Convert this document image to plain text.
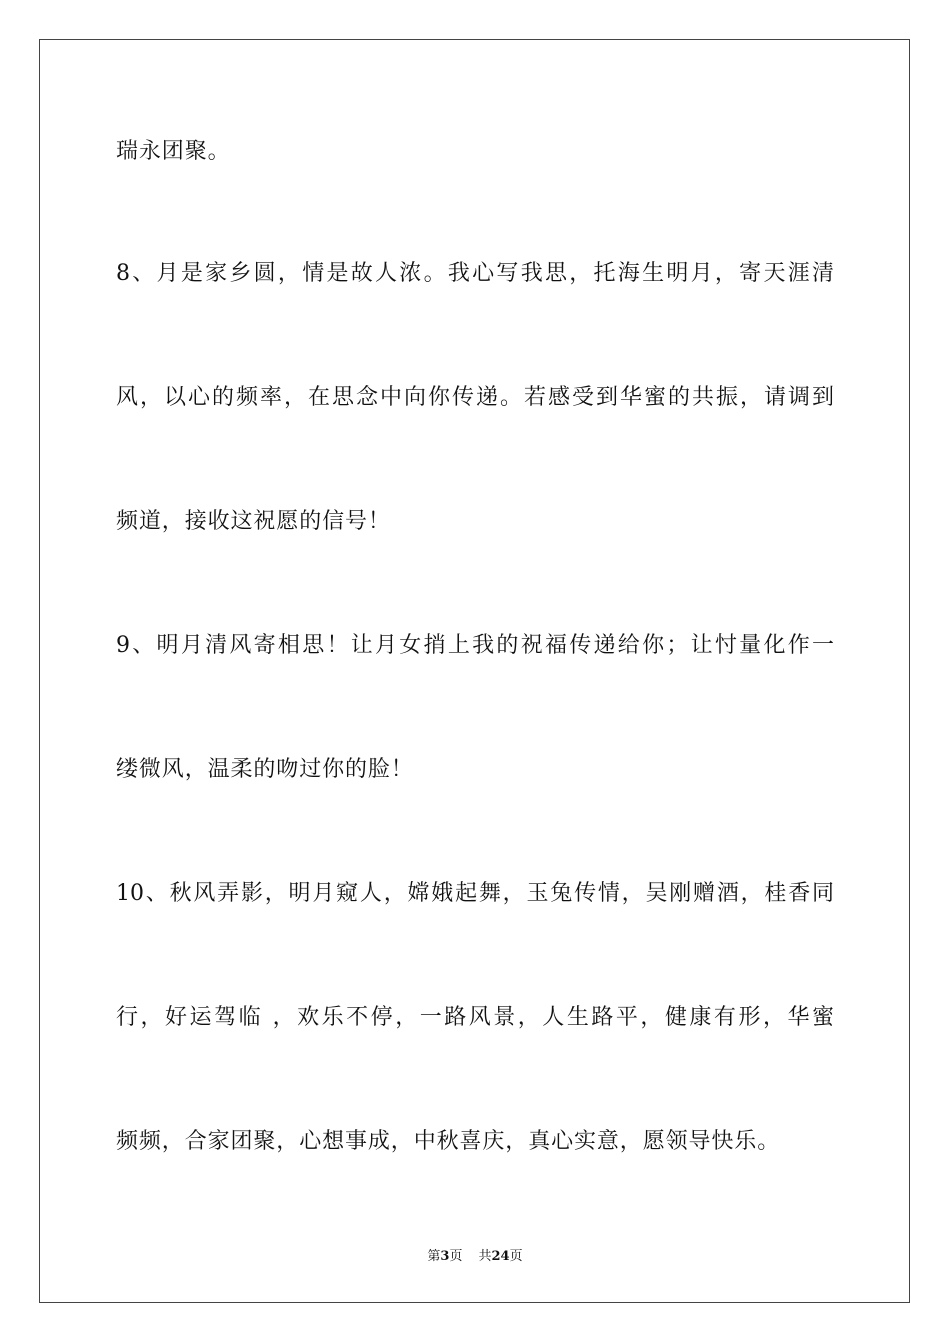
瑞永团聚。
8、月是家乡圆，情是故人浓。我心写我思，托海生明月，寄天涯清
风，以心的频率，在思念中向你传递。若感受到华蜜的共振，请调到
频道，接收这祝愿的信号！
9、明月清风寄相思！让月女捎上我的祝福传递给你；让忖量化作一
缕微风，温柔的吻过你的脸！
10、秋风弄影，明月窥人，嫦娥起舞，玉兔传情，吴刚赠酒，桂香同
行，好运驾临 ，欢乐不停，一路风景，人生路平，健康有形，华蜜
频频，合家团聚，心想事成，中秋喜庆，真心实意，愿领导快乐。
第3页 共24页
